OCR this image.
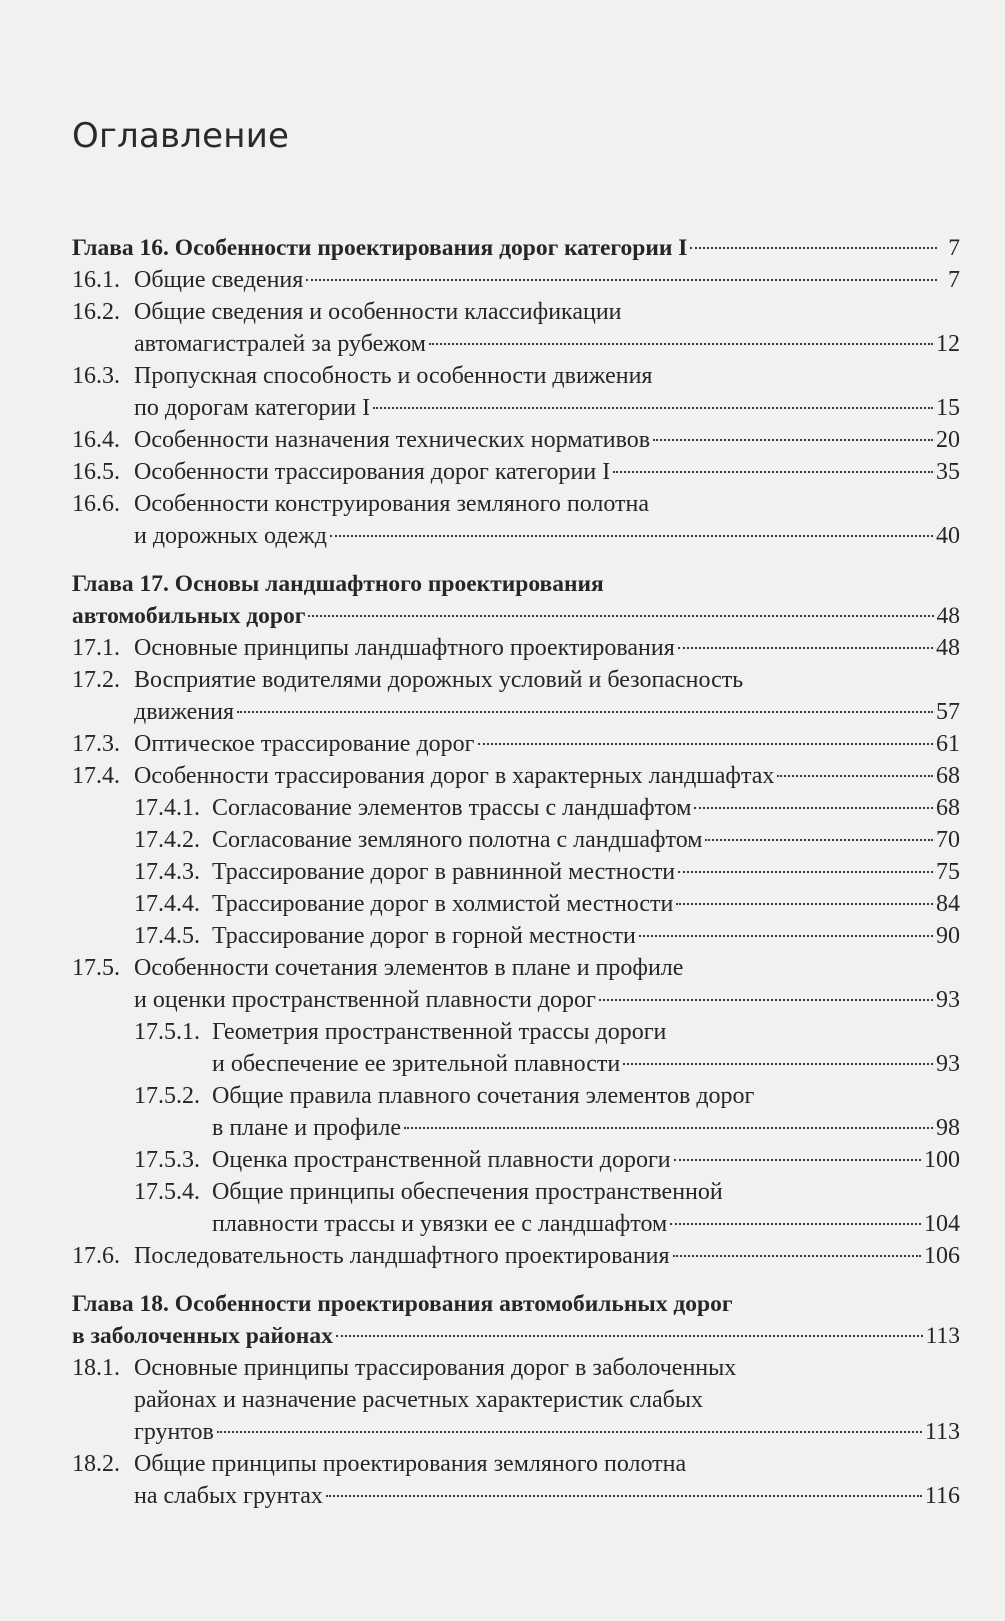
Оглавление
Глава 16. Особенности проектирования дорог категории I	7
16.1. Общие сведения	7
16.2. Общие сведения и особенности классификации
автомагистралей за рубежом	12
16.3. Пропускная способность и особенности движения
по дорогам категории I	15
16.4. Особенности назначения технических нормативов	20
16.5. Особенности трассирования дорог категории I	35
16.6. Особенности конструирования земляного полотна
и дорожных одежд	40
Глава 17. Основы ландшафтного проектирования
автомобильных дорог	48
17.1. Основные принципы ландшафтного проектирования	48
17.2. Восприятие водителями дорожных условий и безопасность
движения	57
17.3. Оптическое трассирование дорог	61
17.4. Особенности трассирования дорог в характерных ландшафтах	68
17.4.1. Согласование элементов трассы с ландшафтом	68
17.4.2. Согласование земляного полотна с ландшафтом	70
17.4.3. Трассирование дорог в равнинной местности	75
17.4.4. Трассирование дорог в холмистой местности	84
17.4.5. Трассирование дорог в горной местности	90
17.5. Особенности сочетания элементов в плане и профиле
и оценки пространственной плавности дорог	93
17.5.1. Геометрия пространственной трассы дороги
и обеспечение ее зрительной плавности	93
17.5.2. Общие правила плавного сочетания элементов дорог
в плане и профиле	98
17.5.3. Оценка пространственной плавности дороги	100
17.5.4. Общие принципы обеспечения пространственной
плавности трассы и увязки ее с ландшафтом	104
17.6. Последовательность ландшафтного проектирования	106
Глава 18. Особенности проектирования автомобильных дорог
в заболоченных районах	113
18.1. Основные принципы трассирования дорог в заболоченных
районах и назначение расчетных характеристик слабых
грунтов	113
18.2. Общие принципы проектирования земляного полотна
на слабых грунтах	116
